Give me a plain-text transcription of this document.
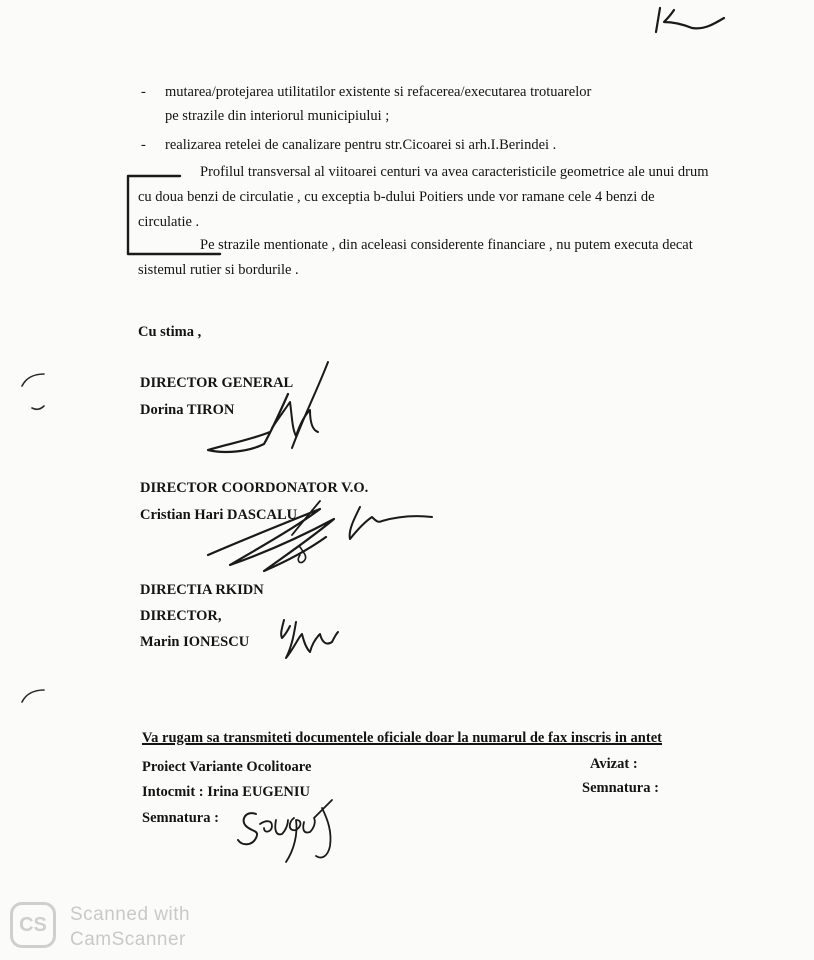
- mutarea/protejarea utilitatilor existente si refacerea/executarea trotuarelor
pe strazile din interiorul municipiului ;
- realizarea retelei de canalizare pentru str.Cicoarei si arh.I.Berindei .
Profilul transversal al viitoarei centuri va avea caracteristicile geometrice ale unui drum
cu doua benzi de circulatie , cu exceptia b-dului Poitiers unde vor ramane cele 4 benzi de
circulatie .
Pe strazile mentionate , din aceleasi considerente financiare , nu putem executa decat
sistemul rutier si bordurile .
Cu stima ,
DIRECTOR GENERAL
Dorina TIRON
DIRECTOR COORDONATOR V.O.
Cristian Hari DASCALU
DIRECTIA RKIDN
DIRECTOR,
Marin IONESCU
Va rugam sa transmiteti documentele oficiale doar la numarul de fax inscris in antet
Proiect Variante Ocolitoare
Intocmit : Irina EUGENIU
Semnatura :
Avizat :
Semnatura :
CS Scanned with
CamScanner
